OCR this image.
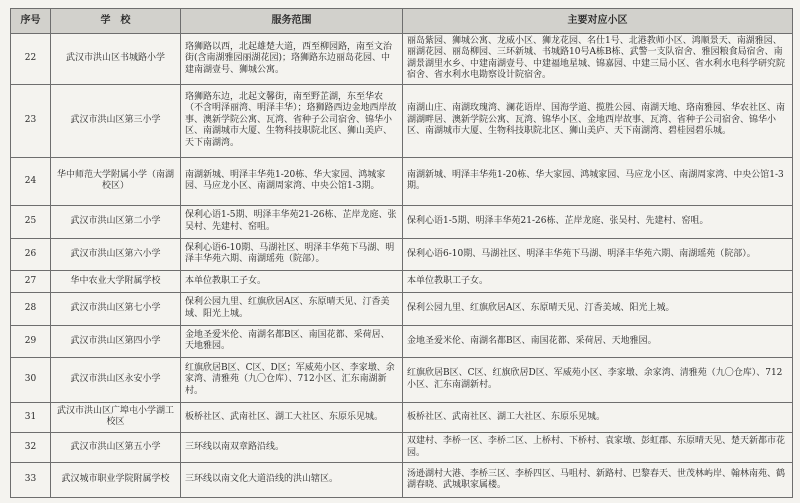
序号	学　校	服务范围	主要对应小区
22	武汉市洪山区书城路小学	珞狮路以西，北起雄楚大道，西至柳园路，南至文治街(含南湖雅园丽湖花园)；珞狮路东边丽岛花园、中建南湖壹号、狮城公寓。	丽岛紫园、狮城公寓、龙威小区、狮龙花园、名仕1号、北港教师小区、鸿顺景天、南湖雅园、丽湖花园、丽岛柳园、三环新城、书城路10号A栋B栋、武警一支队宿舍、雅园粮食局宿舍、南湖景湖里水乡、中建南湖壹号、中建福地星城、锦嘉园、中建三局小区、省水利水电科学研究院宿舍、省水利水电勘察设计院宿舍。
23	武汉市洪山区第三小学	珞狮路东边，北起文馨街，南至野芷湖，东至华农（不含明泽丽湾、明泽丰华）；珞狮路西边金地西岸故事、澳新学院公寓、瓦湾、省种子公司宿舍、锦华小区、南湖城市大厦、生物科技职院北区、狮山美庐、天下南湖湾。	南湖山庄、南湖玫瑰湾、澜花语岸、国海学道、揽胜公园、南湖天地、珞南雅园、华农社区、南湖湖畔居、澳新学院公寓、瓦湾、锦华小区、金地西岸故事、瓦湾、省种子公司宿舍、锦华小区、南湖城市大厦、生物科技职院北区、狮山美庐、天下南湖湾、碧桂园碧乐城。
24	华中师范大学附属小学（南湖校区）	南湖新城、明泽丰华苑1-20栋、华大家园、鸿城家园、马应龙小区、南湖周家湾、中央公馆1-3期。	南湖新城、明泽丰华苑1-20栋、华大家园、鸿城家园、马应龙小区、南湖周家湾、中央公馆1-3期。
25	武汉市洪山区第二小学	保利心语1-5期、明泽丰华苑21-26栋、芷岸龙庭、张吴村、先建村、窑咀。	保利心语1-5期、明泽丰华苑21-26栋、芷岸龙庭、张吴村、先建村、窑咀。
26	武汉市洪山区第六小学	保利心语6-10期、马湖社区、明泽丰华苑下马湖、明泽丰华苑六期、南湖瑶苑（院部）。	保利心语6-10期、马湖社区、明泽丰华苑下马湖、明泽丰华苑六期、南湖瑶苑（院部）。
27	华中农业大学附属学校	本单位教职工子女。	本单位教职工子女。
28	武汉市洪山区第七小学	保利公园九里、红旗欣居A区、东原晴天见、汀香美域、阳光上城。	保利公园九里、红旗欣居A区、东原晴天见、汀香美域、阳光上城。
29	武汉市洪山区第四小学	金地圣爱米伦、南湖名都B区、南国花都、采荷居、天地雅园。	金地圣爱米伦、南湖名都B区、南国花都、采荷居、天地雅园。
30	武汉市洪山区永安小学	红旗欣居B区、C区、D区；军威苑小区、李家墩、余家湾、清雅苑（九〇仓库）、712小区、汇东南湖新村。	红旗欣居B区、C区、红旗欣居D区、军威苑小区、李家墩、余家湾、清雅苑（九〇仓库）、712小区、汇东南湖新村。
31	武汉市洪山区广埠屯小学湖工校区	板桥社区、武南社区、湖工大社区、东原乐见城。	板桥社区、武南社区、湖工大社区、东原乐见城。
32	武汉市洪山区第五小学	三环线以南双章路沿线。	双建村、李桥一区、李桥二区、上桥村、下桥村、袁家墩、彭虹郡、东原晴天见、楚天新都市花园。
33	武汉城市职业学院附属学校	三环线以南文化大道沿线的洪山辖区。	汤逊湖村大港、李桥三区、李桥四区、马咀村、新路村、巴黎春天、世茂林屿岸、翰林南苑、鹤湖春晓、武城职家属楼。
